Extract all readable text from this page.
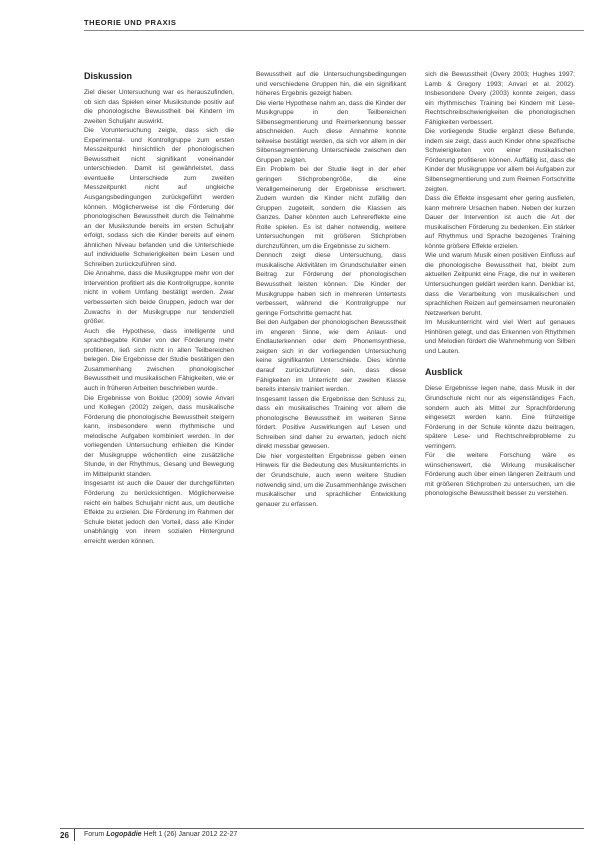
THEORIE UND PRAXIS
Diskussion

Ziel dieser Untersuchung war es herauszufinden, ob sich das Spielen einer Musikstunde positiv auf die phonologische Bewusstheit bei Kindern im zweiten Schuljahr auswirkt.

Die Voruntersuchung zeigte, dass sich die Experimental- und Kontrollgruppe zum ersten Messzeitpunkt hinsichtlich der phonologischen Bewusstheit nicht signifikant voneinander unterschieden. Damit ist gewährleistet, dass eventuelle Unterschiede zum zweiten Messzeitpunkt nicht auf ungleiche Ausgangsbedingungen zurückgeführt werden können. Möglicherweise ist die Förderung der phonologischen Bewusstheit durch die Teilnahme an der Musikstunde bereits im ersten Schuljahr erfolgt, sodass sich die Kinder bereits auf einem ähnlichen Niveau befanden und die Unterschiede auf individuelle Schwierigkeiten beim Lesen und Schreiben zurückzuführen sind.

Die Annahme, dass die Musikgruppe mehr von der Intervention profitiert als die Kontrollgruppe, konnte nicht in vollem Umfang bestätigt werden. Zwar verbesserten sich beide Gruppen, jedoch war der Zuwachs in der Musikgruppe nur tendenziell größer.

Auch die Hypothese, dass intelligente und sprachbegabte Kinder von der Förderung mehr profitieren, ließ sich nicht in allen Teilbereichen belegen. Die Ergebnisse der Studie bestätigen den Zusammenhang zwischen phonologischer Bewusstheit und musikalischen Fähigkeiten, wie er auch in früheren Arbeiten beschrieben wurde.

Die Ergebnisse von Bolduc (2009) sowie Anvari und Kollegen (2002) zeigen, dass musikalische Förderung die phonologische Bewusstheit steigern kann, insbesondere wenn rhythmische und melodische Aufgaben kombiniert werden. In der vorliegenden Untersuchung erhielten die Kinder der Musikgruppe wöchentlich eine zusätzliche Stunde, in der Rhythmus, Gesang und Bewegung im Mittelpunkt standen.

Insgesamt ist auch die Dauer der durchgeführten Förderung zu berücksichtigen. Möglicherweise reicht ein halbes Schuljahr nicht aus, um deutliche Effekte zu erzielen. Die Förderung im Rahmen der Schule bietet jedoch den Vorteil, dass alle Kinder unabhängig von ihrem sozialen Hintergrund erreicht werden können.

Bewusstheit auf die Untersuchungsbedingungen und verschiedene Gruppen hin, die ein signifikant höheres Ergebnis gezeigt haben.

Die vierte Hypothese nahm an, dass die Kinder der Musikgruppe in den Teilbereichen Silbensegmentierung und Reimerkennung besser abschneiden. Auch diese Annahme konnte teilweise bestätigt werden, da sich vor allem in der Silbensegmentierung Unterschiede zwischen den Gruppen zeigten.

Ein Problem bei der Studie liegt in der eher geringen Stichprobengröße, die eine Verallgemeinerung der Ergebnisse erschwert. Zudem wurden die Kinder nicht zufällig den Gruppen zugeteilt, sondern die Klassen als Ganzes. Daher könnten auch Lehrereffekte eine Rolle spielen. Es ist daher notwendig, weitere Untersuchungen mit größeren Stichproben durchzuführen, um die Ergebnisse zu sichern.

Dennoch zeigt diese Untersuchung, dass musikalische Aktivitäten im Grundschulalter einen Beitrag zur Förderung der phonologischen Bewusstheit leisten können. Die Kinder der Musikgruppe haben sich in mehreren Untertests verbessert, während die Kontrollgruppe nur geringe Fortschritte gemacht hat.

Bei den Aufgaben der phonologischen Bewusstheit im engeren Sinne, wie dem Anlaut- und Endlauterkennen oder dem Phonemsynthese, zeigten sich in der vorliegenden Untersuchung keine signifikanten Unterschiede. Dies könnte darauf zurückzuführen sein, dass diese Fähigkeiten im Unterricht der zweiten Klasse bereits intensiv trainiert werden.

Insgesamt lassen die Ergebnisse den Schluss zu, dass ein musikalisches Training vor allem die phonologische Bewusstheit im weiteren Sinne fördert. Positive Auswirkungen auf Lesen und Schreiben sind daher zu erwarten, jedoch nicht direkt messbar gewesen.

Die hier vorgestellten Ergebnisse geben einen Hinweis für die Bedeutung des Musikunterrichts in der Grundschule, auch wenn weitere Studien notwendig sind, um die Zusammenhänge zwischen musikalischer und sprachlicher Entwicklung genauer zu erfassen.

sich die Bewusstheit (Overy 2003; Hughes 1997; Lamb & Gregory 1993; Anvari et al. 2002). Insbesondere Overy (2003) konnte zeigen, dass ein rhythmisches Training bei Kindern mit Lese-Rechtschreibschwierigkeiten die phonologischen Fähigkeiten verbessert.

Die vorliegende Studie ergänzt diese Befunde, indem sie zeigt, dass auch Kinder ohne spezifische Schwierigkeiten von einer musikalischen Förderung profitieren können. Auffällig ist, dass die Kinder der Musikgruppe vor allem bei Aufgaben zur Silbensegmentierung und zum Reimen Fortschritte zeigten.

Dass die Effekte insgesamt eher gering ausfielen, kann mehrere Ursachen haben. Neben der kurzen Dauer der Intervention ist auch die Art der musikalischen Förderung zu bedenken. Ein stärker auf Rhythmus und Sprache bezogenes Training könnte größere Effekte erzielen.

Wie und warum Musik einen positiven Einfluss auf die phonologische Bewusstheit hat, bleibt zum aktuellen Zeitpunkt eine Frage, die nur in weiteren Untersuchungen geklärt werden kann. Denkbar ist, dass die Verarbeitung von musikalischen und sprachlichen Reizen auf gemeinsamen neuronalen Netzwerken beruht.

Im Musikunterricht wird viel Wert auf genaues Hinhören gelegt, und das Erkennen von Rhythmen und Melodien fördert die Wahrnehmung von Silben und Lauten.

Ausblick

Diese Ergebnisse legen nahe, dass Musik in der Grundschule nicht nur als eigenständiges Fach, sondern auch als Mittel zur Sprachförderung eingesetzt werden kann. Eine frühzeitige Förderung in der Schule könnte dazu beitragen, spätere Lese- und Rechtschreibprobleme zu verringern.

Für die weitere Forschung wäre es wünschenswert, die Wirkung musikalischer Förderung auch über einen längeren Zeitraum und mit größeren Stichproben zu untersuchen, um die phonologische Bewusstheit besser zu verstehen.

26 Forum Logopädie Heft 1 (26) Januar 2012 22-27
